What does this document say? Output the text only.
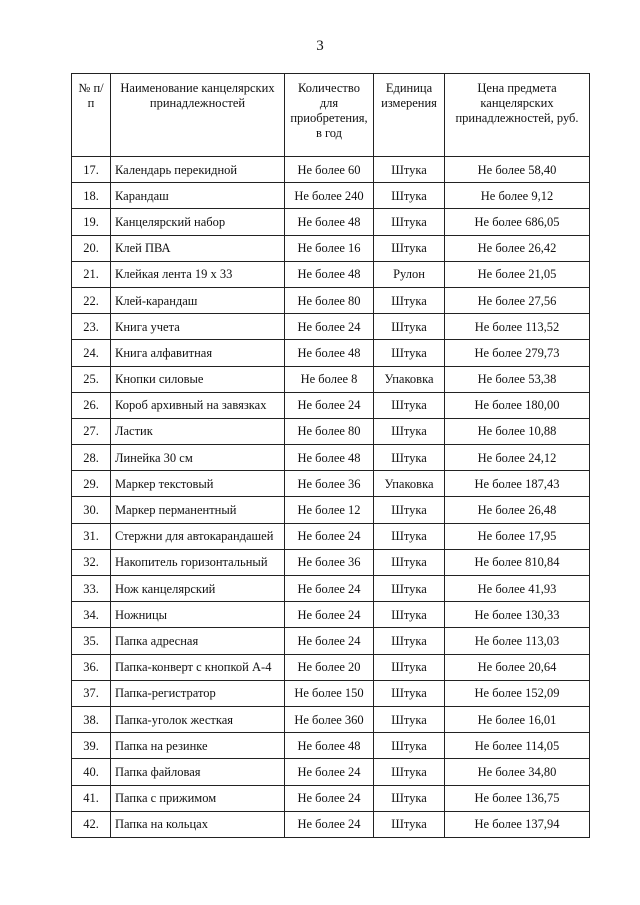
3
№ п/п	Наименование канцелярских принадлежностей	Количество для приобретения, в год	Единица измерения	Цена предмета канцелярских принадлежностей, руб.
17.	Календарь перекидной	Не более 60	Штука	Не более 58,40
18.	Карандаш	Не более 240	Штука	Не более 9,12
19.	Канцелярский набор	Не более 48	Штука	Не более 686,05
20.	Клей ПВА	Не более 16	Штука	Не более 26,42
21.	Клейкая лента 19 x 33	Не более 48	Рулон	Не более 21,05
22.	Клей-карандаш	Не более 80	Штука	Не более 27,56
23.	Книга учета	Не более 24	Штука	Не более 113,52
24.	Книга алфавитная	Не более 48	Штука	Не более 279,73
25.	Кнопки силовые	Не более 8	Упаковка	Не более 53,38
26.	Короб архивный на завязках	Не более 24	Штука	Не более 180,00
27.	Ластик	Не более 80	Штука	Не более 10,88
28.	Линейка 30 см	Не более 48	Штука	Не более 24,12
29.	Маркер текстовый	Не более 36	Упаковка	Не более 187,43
30.	Маркер перманентный	Не более 12	Штука	Не более 26,48
31.	Стержни для автокарандашей	Не более 24	Штука	Не более 17,95
32.	Накопитель горизонтальный	Не более 36	Штука	Не более 810,84
33.	Нож канцелярский	Не более 24	Штука	Не более 41,93
34.	Ножницы	Не более 24	Штука	Не более 130,33
35.	Папка адресная	Не более 24	Штука	Не более 113,03
36.	Папка-конверт с кнопкой А-4	Не более 20	Штука	Не более 20,64
37.	Папка-регистратор	Не более 150	Штука	Не более 152,09
38.	Папка-уголок жесткая	Не более 360	Штука	Не более 16,01
39.	Папка на резинке	Не более 48	Штука	Не более 114,05
40.	Папка файловая	Не более 24	Штука	Не более 34,80
41.	Папка с прижимом	Не более 24	Штука	Не более 136,75
42.	Папка на кольцах	Не более 24	Штука	Не более 137,94
